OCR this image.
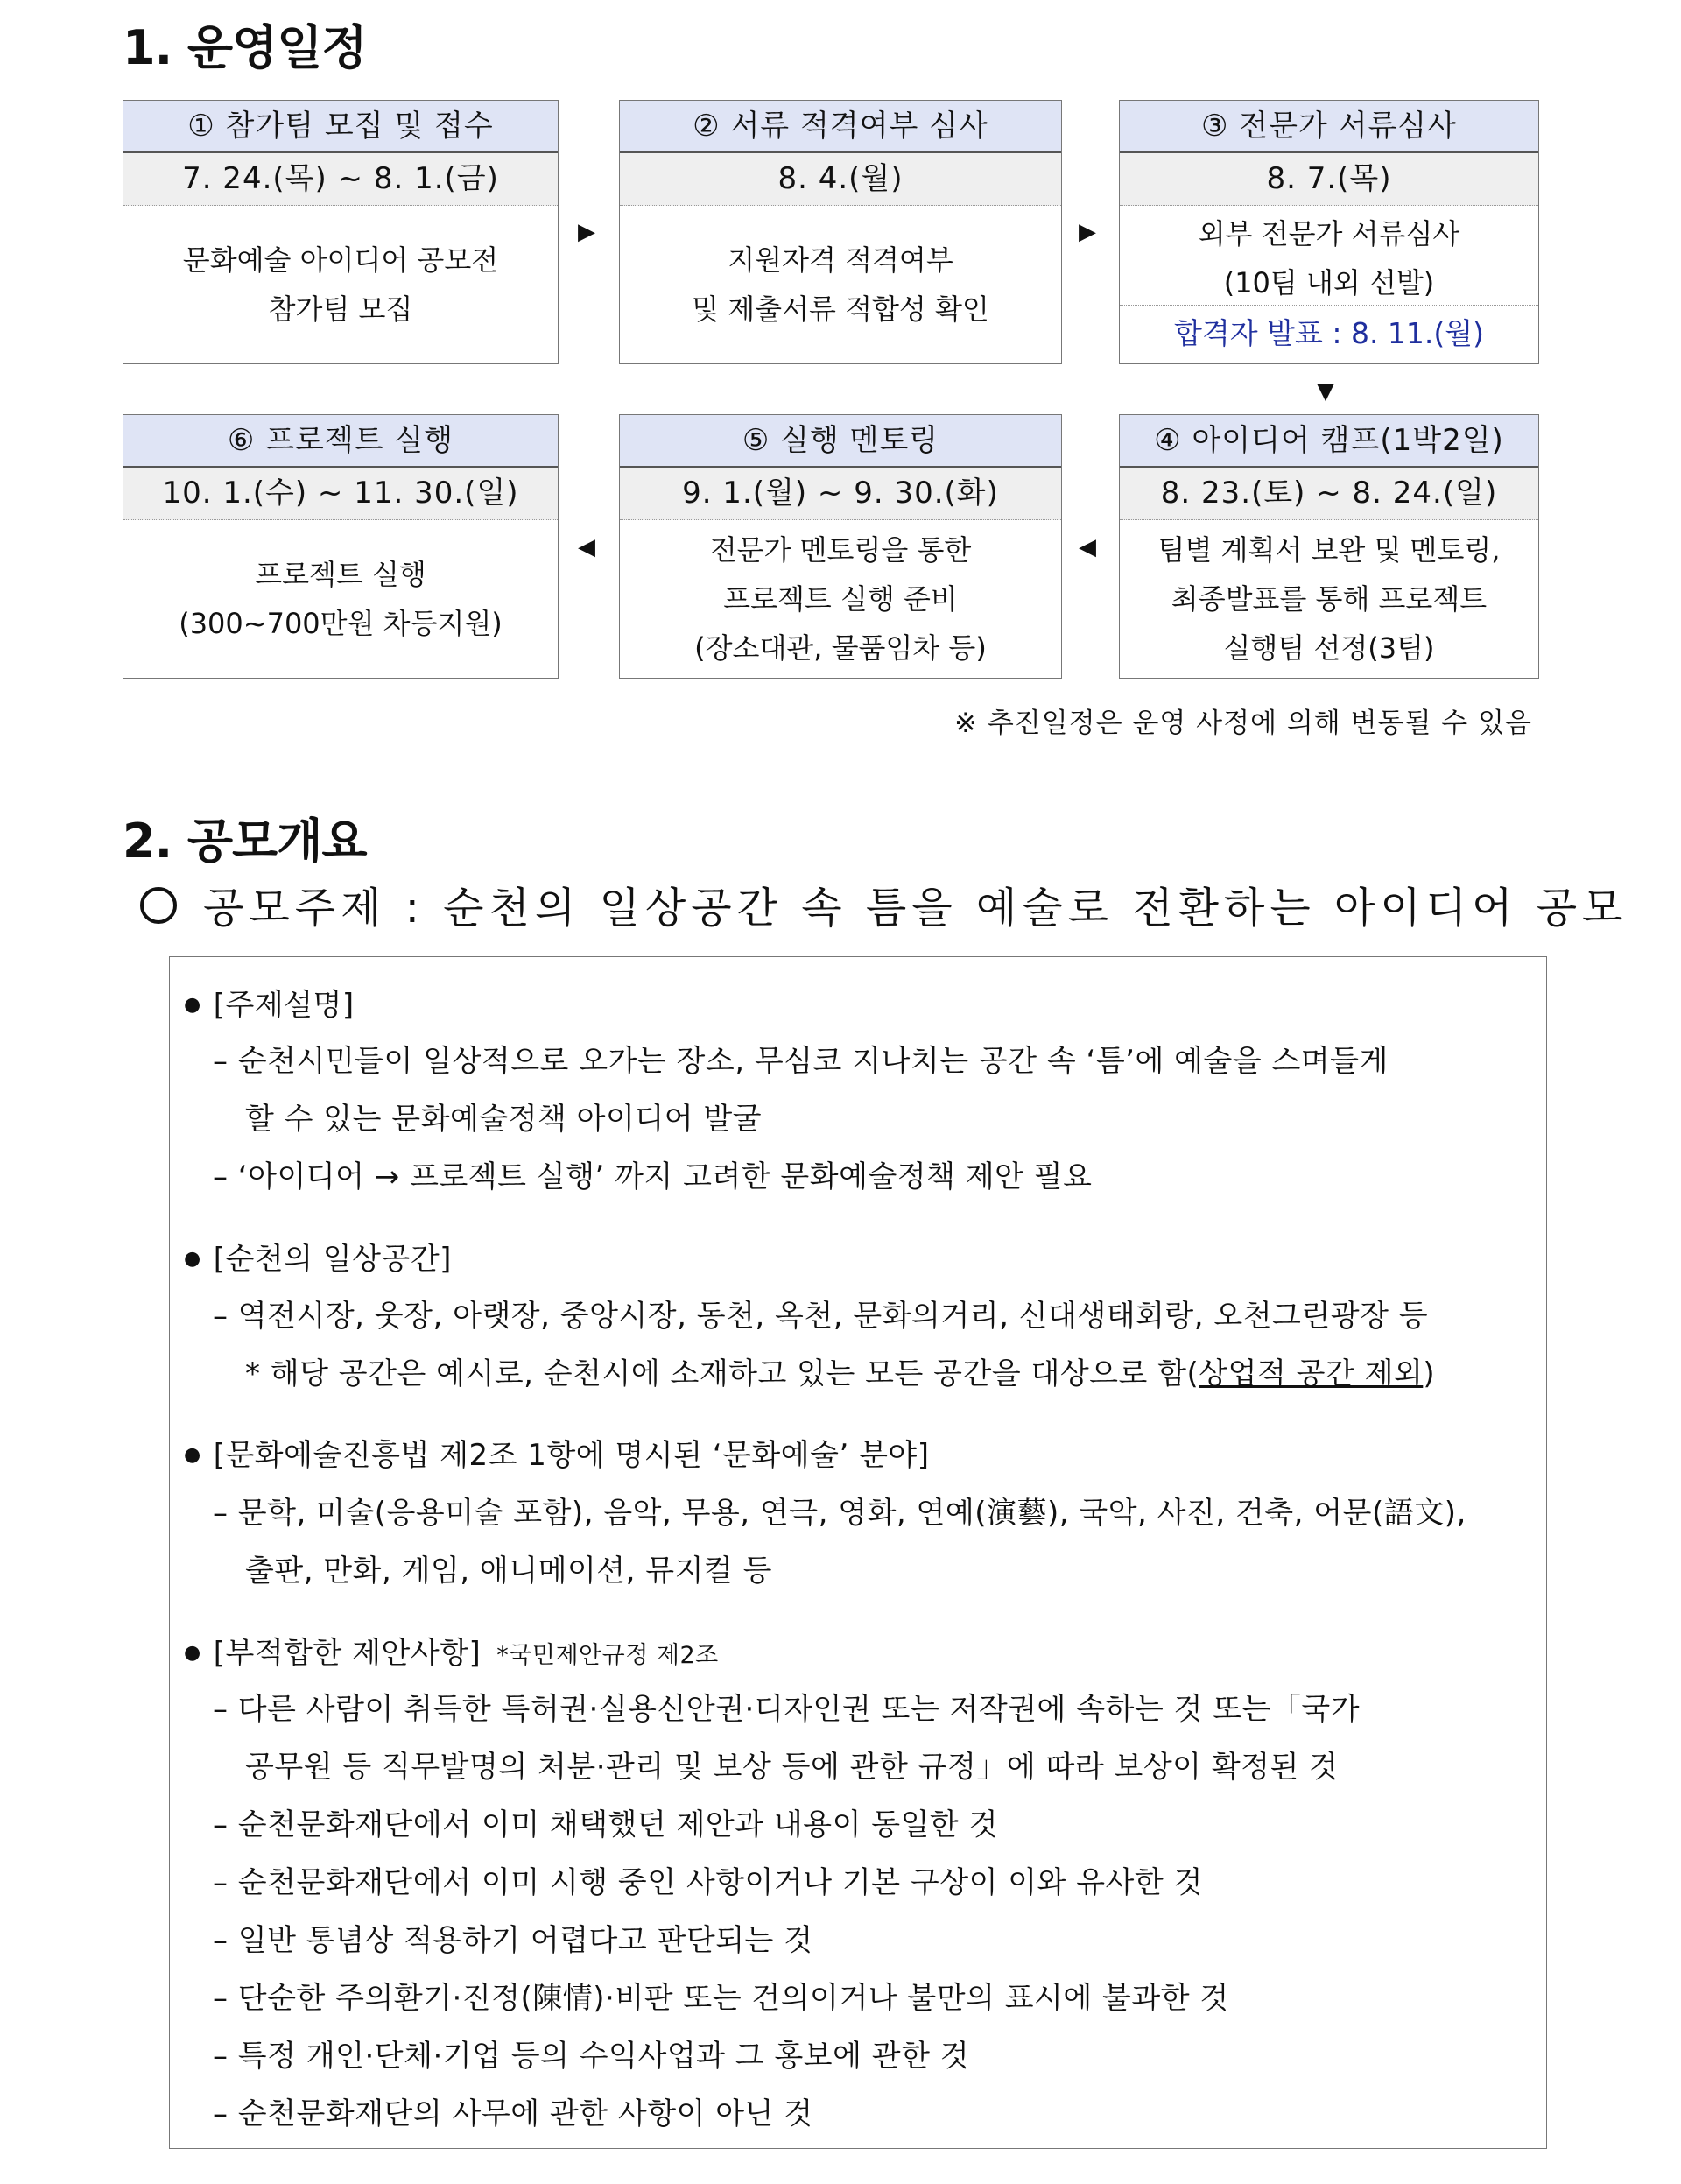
1. 운영일정
① 참가팀 모집 및 접수
7. 24.(목) ~ 8. 1.(금)
문화예술 아이디어 공모전
참가팀 모집
▶
② 서류 적격여부 심사
8. 4.(월)
지원자격 적격여부
및 제출서류 적합성 확인
▶
③ 전문가 서류심사
8. 7.(목)
외부 전문가 서류심사
(10팀 내외 선발)
합격자 발표 : 8. 11.(월)
▼
⑥ 프로젝트 실행
10. 1.(수) ~ 11. 30.(일)
프로젝트 실행
(300~700만원 차등지원)
◀
⑤ 실행 멘토링
9. 1.(월) ~ 9. 30.(화)
전문가 멘토링을 통한
프로젝트 실행 준비
(장소대관, 물품임차 등)
◀
④ 아이디어 캠프(1박2일)
8. 23.(토) ~ 8. 24.(일)
팀별 계획서 보완 및 멘토링,
최종발표를 통해 프로젝트
실행팀 선정(3팀)
※ 추진일정은 운영 사정에 의해 변동될 수 있음
2. 공모개요
공모주제 : 순천의 일상공간 속 틈을 예술로 전환하는 아이디어 공모
● [주제설명]
– 순천시민들이 일상적으로 오가는 장소, 무심코 지나치는 공간 속 ‘틈’에 예술을 스며들게
할 수 있는 문화예술정책 아이디어 발굴
– ‘아이디어 → 프로젝트 실행’ 까지 고려한 문화예술정책 제안 필요
● [순천의 일상공간]
– 역전시장, 웃장, 아랫장, 중앙시장, 동천, 옥천, 문화의거리, 신대생태회랑, 오천그린광장 등
* 해당 공간은 예시로, 순천시에 소재하고 있는 모든 공간을 대상으로 함(상업적 공간 제외)
● [문화예술진흥법 제2조 1항에 명시된 ‘문화예술’ 분야]
– 문학, 미술(응용미술 포함), 음악, 무용, 연극, 영화, 연예(演藝), 국악, 사진, 건축, 어문(語文),
출판, 만화, 게임, 애니메이션, 뮤지컬 등
● [부적합한 제안사항] *국민제안규정 제2조
– 다른 사람이 취득한 특허권·실용신안권·디자인권 또는 저작권에 속하는 것 또는「국가
공무원 등 직무발명의 처분·관리 및 보상 등에 관한 규정」에 따라 보상이 확정된 것
– 순천문화재단에서 이미 채택했던 제안과 내용이 동일한 것
– 순천문화재단에서 이미 시행 중인 사항이거나 기본 구상이 이와 유사한 것
– 일반 통념상 적용하기 어렵다고 판단되는 것
– 단순한 주의환기·진정(陳情)·비판 또는 건의이거나 불만의 표시에 불과한 것
– 특정 개인·단체·기업 등의 수익사업과 그 홍보에 관한 것
– 순천문화재단의 사무에 관한 사항이 아닌 것
